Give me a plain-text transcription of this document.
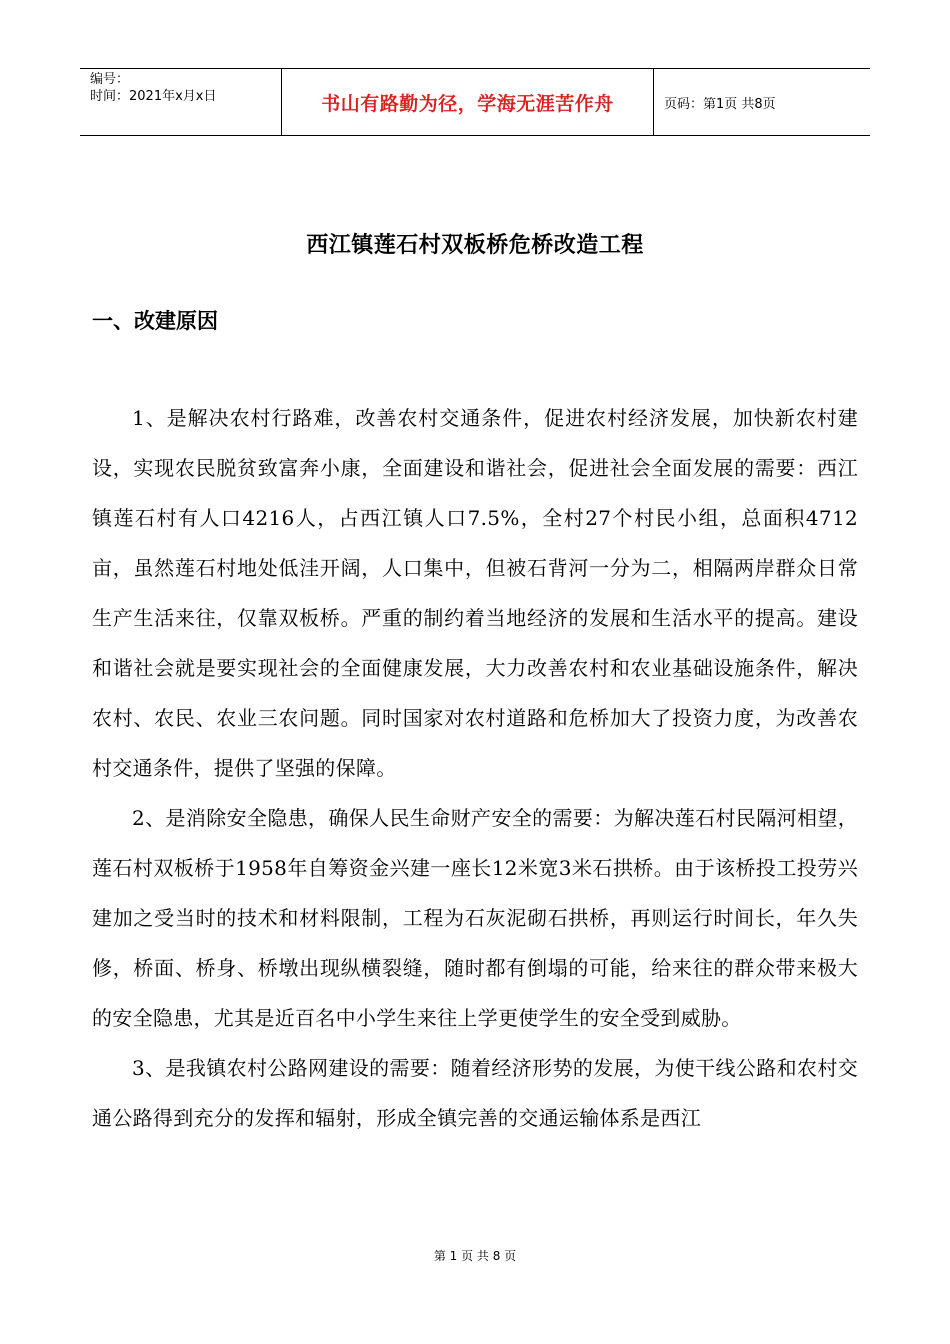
编号：
时间：2021年x月x日	书山有路勤为径，学海无涯苦作舟	页码：第1页 共8页
西江镇莲石村双板桥危桥改造工程
一、改建原因

1、是解决农村行路难，改善农村交通条件，促进农村经济发展，加快新农村建设，实现农民脱贫致富奔小康，全面建设和谐社会，促进社会全面发展的需要：西江镇莲石村有人口4216人，占西江镇人口7.5%，全村27个村民小组，总面积4712亩，虽然莲石村地处低洼开阔，人口集中，但被石背河一分为二，相隔两岸群众日常生产生活来往，仅靠双板桥。严重的制约着当地经济的发展和生活水平的提高。建设和谐社会就是要实现社会的全面健康发展，大力改善农村和农业基础设施条件，解决农村、农民、农业三农问题。同时国家对农村道路和危桥加大了投资力度，为改善农村交通条件，提供了坚强的保障。

2、是消除安全隐患，确保人民生命财产安全的需要：为解决莲石村民隔河相望，莲石村双板桥于1958年自筹资金兴建一座长12米宽3米石拱桥。由于该桥投工投劳兴建加之受当时的技术和材料限制，工程为石灰泥砌石拱桥，再则运行时间长，年久失修，桥面、桥身、桥墩出现纵横裂缝，随时都有倒塌的可能，给来往的群众带来极大的安全隐患，尤其是近百名中小学生来往上学更使学生的安全受到威胁。

3、是我镇农村公路网建设的需要：随着经济形势的发展，为使干线公路和农村交通公路得到充分的发挥和辐射，形成全镇完善的交通运输体系是西江

第 1 页 共 8 页
